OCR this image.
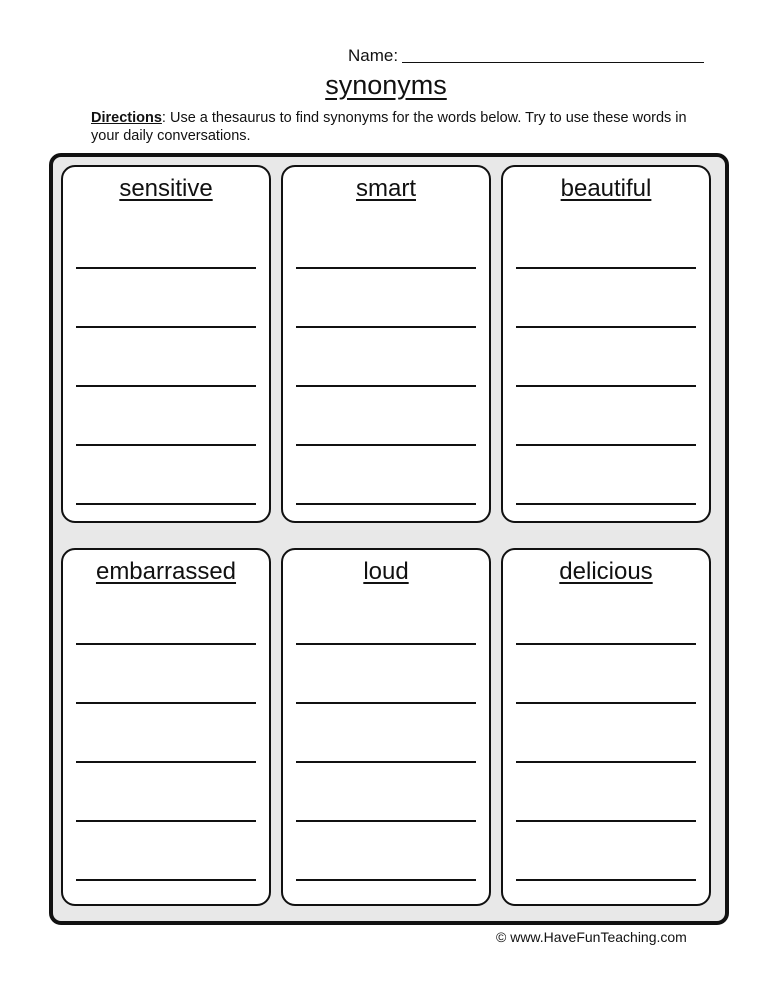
Name:
synonyms
Directions: Use a thesaurus to find synonyms for the words below. Try to use these words in your daily conversations.
sensitive	smart	beautiful
embarrassed	loud	delicious
© www.HaveFunTeaching.com
